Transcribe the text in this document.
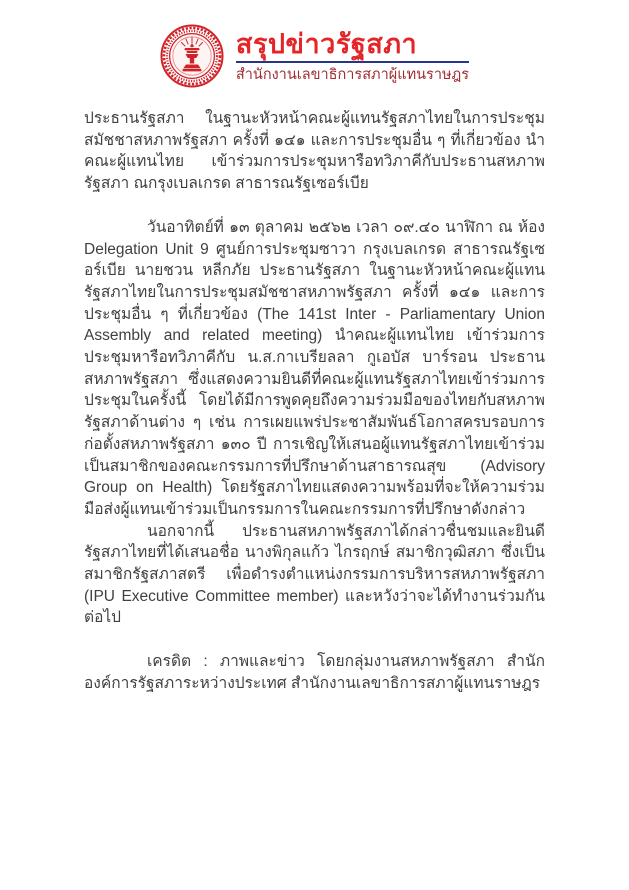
สรุปข่าวรัฐสภา
สำนักงานเลขาธิการสภาผู้แทนราษฎร

ประธานรัฐสภา ในฐานะหัวหน้าคณะผู้แทนรัฐสภาไทยในการประชุมสมัชชาสหภาพรัฐสภา ครั้งที่ ๑๔๑ และการประชุมอื่น ๆ ที่เกี่ยวข้อง นำคณะผู้แทนไทย เข้าร่วมการประชุมหารือทวิภาคีกับประธานสหภาพรัฐสภา ณกรุงเบลเกรด สาธารณรัฐเซอร์เบีย

วันอาทิตย์ที่ ๑๓ ตุลาคม ๒๕๖๒ เวลา ๐๙.๔๐ นาฬิกา ณ ห้อง Delegation Unit 9 ศูนย์การประชุมซาวา กรุงเบลเกรด สาธารณรัฐเซอร์เบีย นายชวน หลีกภัย ประธานรัฐสภา ในฐานะหัวหน้าคณะผู้แทนรัฐสภาไทยในการประชุมสมัชชาสหภาพรัฐสภา ครั้งที่ ๑๔๑ และการประชุมอื่น ๆ ที่เกี่ยวข้อง (The 141st Inter - Parliamentary Union Assembly and related meeting) นำคณะผู้แทนไทย เข้าร่วมการประชุมหารือทวิภาคีกับ น.ส.กาเบรียลลา กูเอบัส บาร์รอน ประธานสหภาพรัฐสภา ซึ่งแสดงความยินดีที่คณะผู้แทนรัฐสภาไทยเข้าร่วมการประชุมในครั้งนี้ โดยได้มีการพูดคุยถึงความร่วมมือของไทยกับสหภาพรัฐสภาด้านต่าง ๆ เช่น การเผยแพร่ประชาสัมพันธ์โอกาสครบรอบการก่อตั้งสหภาพรัฐสภา ๑๓๐ ปี การเชิญให้เสนอผู้แทนรัฐสภาไทยเข้าร่วมเป็นสมาชิกของคณะกรรมการที่ปรึกษาด้านสาธารณสุข (Advisory Group on Health) โดยรัฐสภาไทยแสดงความพร้อมที่จะให้ความร่วมมือส่งผู้แทนเข้าร่วมเป็นกรรมการในคณะกรรมการที่ปรึกษาดังกล่าว

นอกจากนี้ ประธานสหภาพรัฐสภาได้กล่าวชื่นชมและยินดีรัฐสภาไทยที่ได้เสนอชื่อ นางพิกุลแก้ว ไกรฤกษ์ สมาชิกวุฒิสภา ซึ่งเป็นสมาชิกรัฐสภาสตรี เพื่อดำรงตำแหน่งกรรมการบริหารสหภาพรัฐสภา (IPU Executive Committee member) และหวังว่าจะได้ทำงานร่วมกันต่อไป

เครดิต : ภาพและข่าว โดยกลุ่มงานสหภาพรัฐสภา สำนักองค์การรัฐสภาระหว่างประเทศ สำนักงานเลขาธิการสภาผู้แทนราษฎร
